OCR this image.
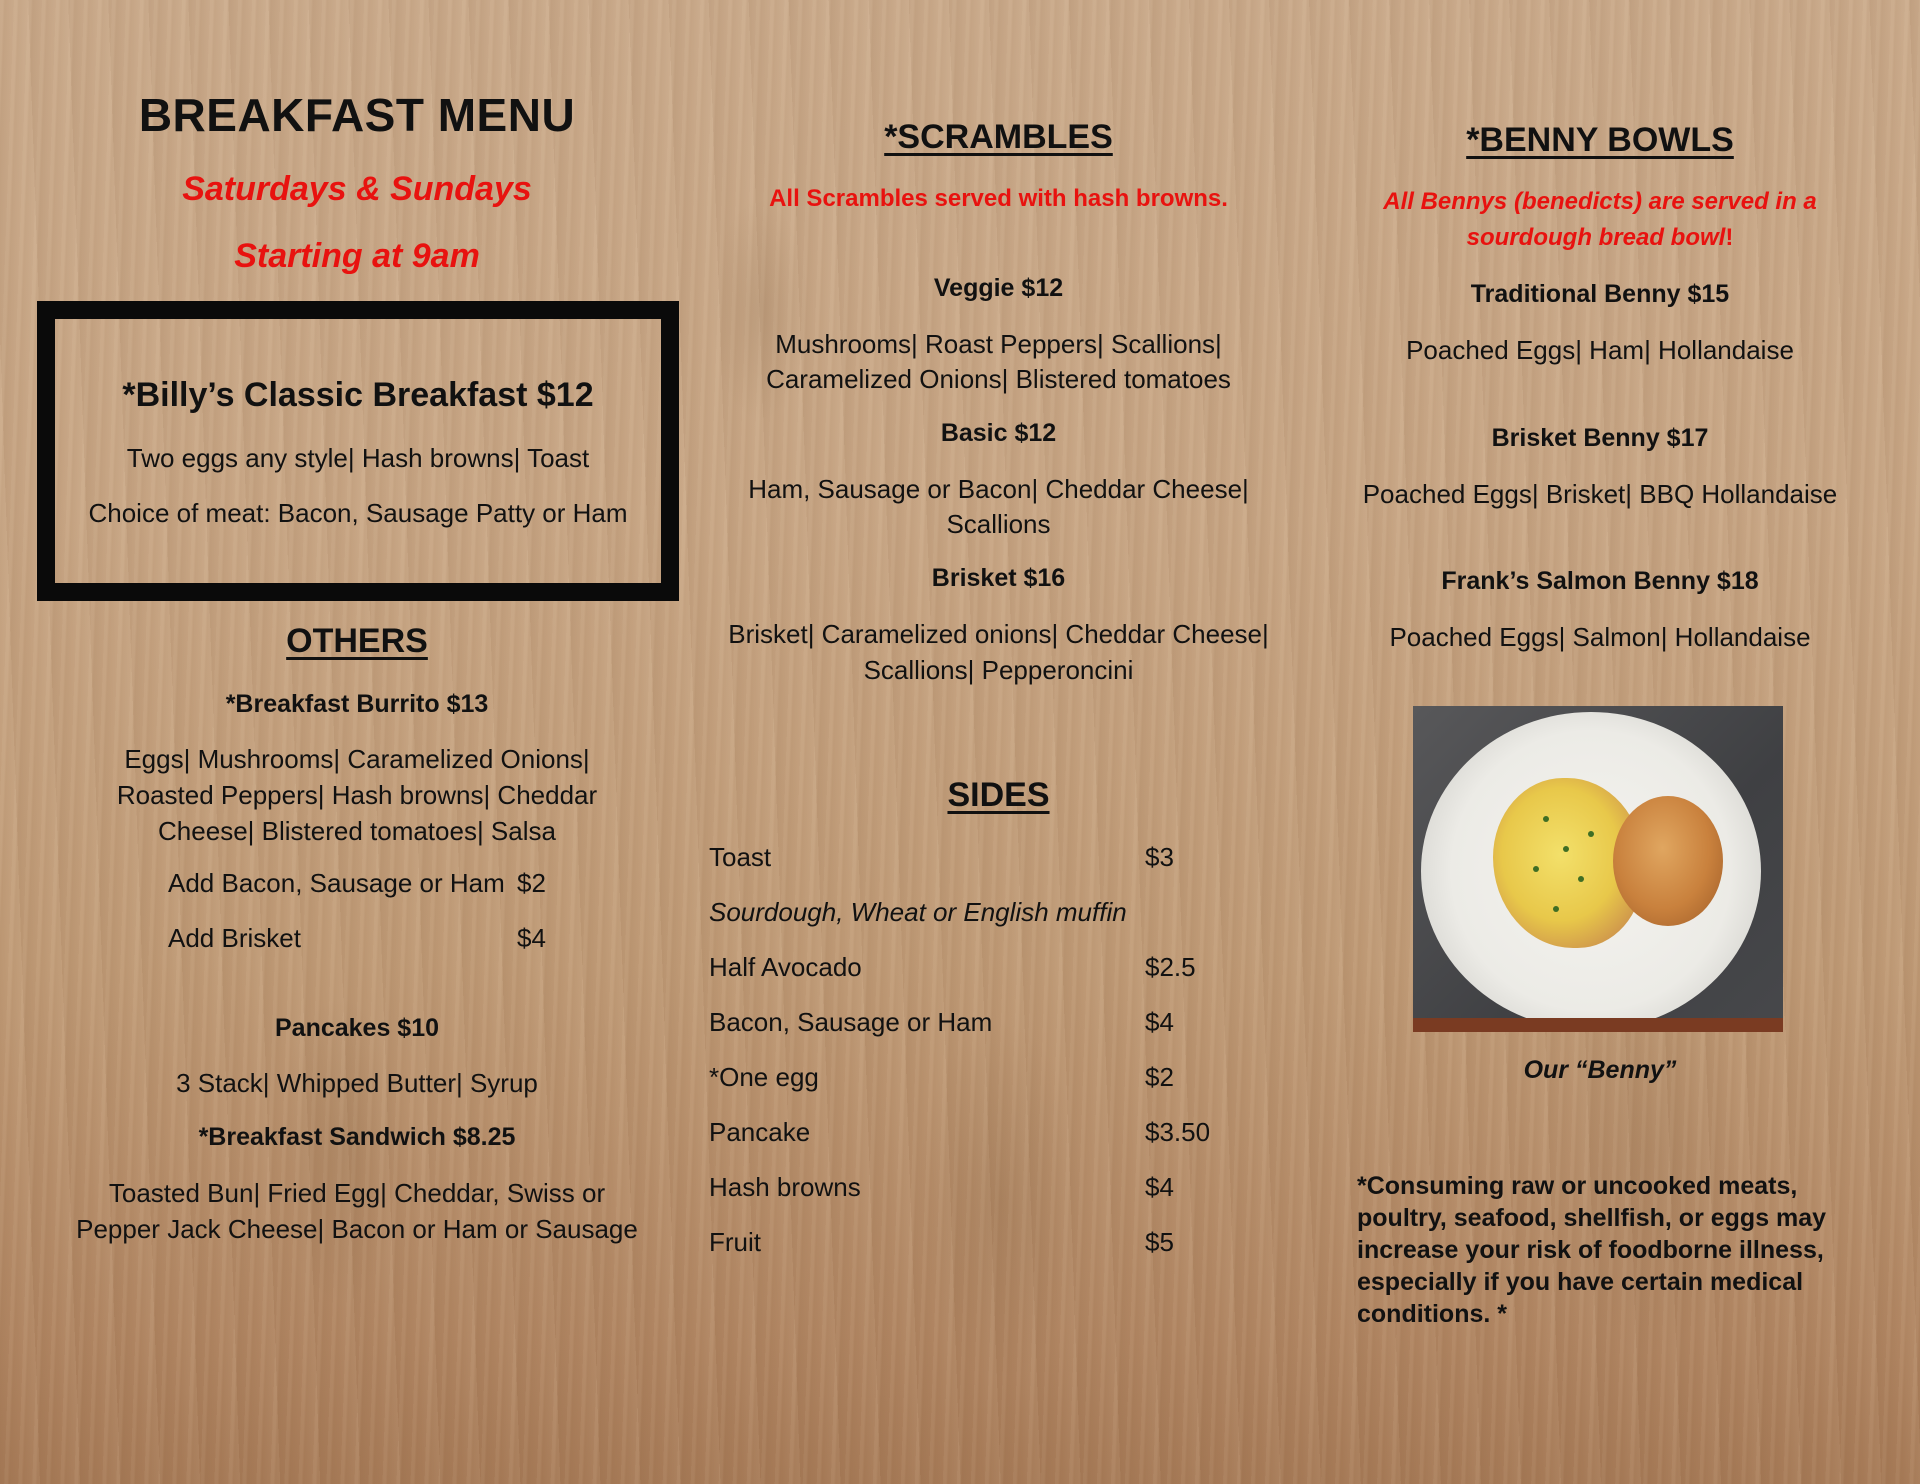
BREAKFAST MENU
Saturdays & Sundays
Starting at 9am
*Billy’s Classic Breakfast $12
Two eggs any style| Hash browns| Toast
Choice of meat: Bacon, Sausage Patty or Ham
OTHERS
*Breakfast Burrito $13
Eggs| Mushrooms| Caramelized Onions|
Roasted Peppers| Hash browns| Cheddar
Cheese| Blistered tomatoes| Salsa
Add Bacon, Sausage or Ham $2
Add Brisket	$4
Pancakes $10
3 Stack| Whipped Butter| Syrup
*Breakfast Sandwich $8.25
Toasted Bun| Fried Egg| Cheddar, Swiss or
Pepper Jack Cheese| Bacon or Ham or Sausage
*SCRAMBLES
All Scrambles served with hash browns.
Veggie $12
Mushrooms| Roast Peppers| Scallions|
Caramelized Onions| Blistered tomatoes
Basic $12
Ham, Sausage or Bacon| Cheddar Cheese|
Scallions
Brisket $16
Brisket| Caramelized onions| Cheddar Cheese|
Scallions| Pepperoncini
SIDES
Toast	$3
Sourdough, Wheat or English muffin
Half Avocado	$2.5
Bacon, Sausage or Ham	$4
*One egg	$2
Pancake	$3.50
Hash browns	$4
Fruit	$5
*BENNY BOWLS
All Bennys (benedicts) are served in a
sourdough bread bowl!
Traditional Benny $15
Poached Eggs| Ham| Hollandaise
Brisket Benny $17
Poached Eggs| Brisket| BBQ Hollandaise
Frank’s Salmon Benny $18
Poached Eggs| Salmon| Hollandaise
Our “Benny”
*Consuming raw or uncooked meats,
poultry, seafood, shellfish, or eggs may
increase your risk of foodborne illness,
especially if you have certain medical
conditions. *
